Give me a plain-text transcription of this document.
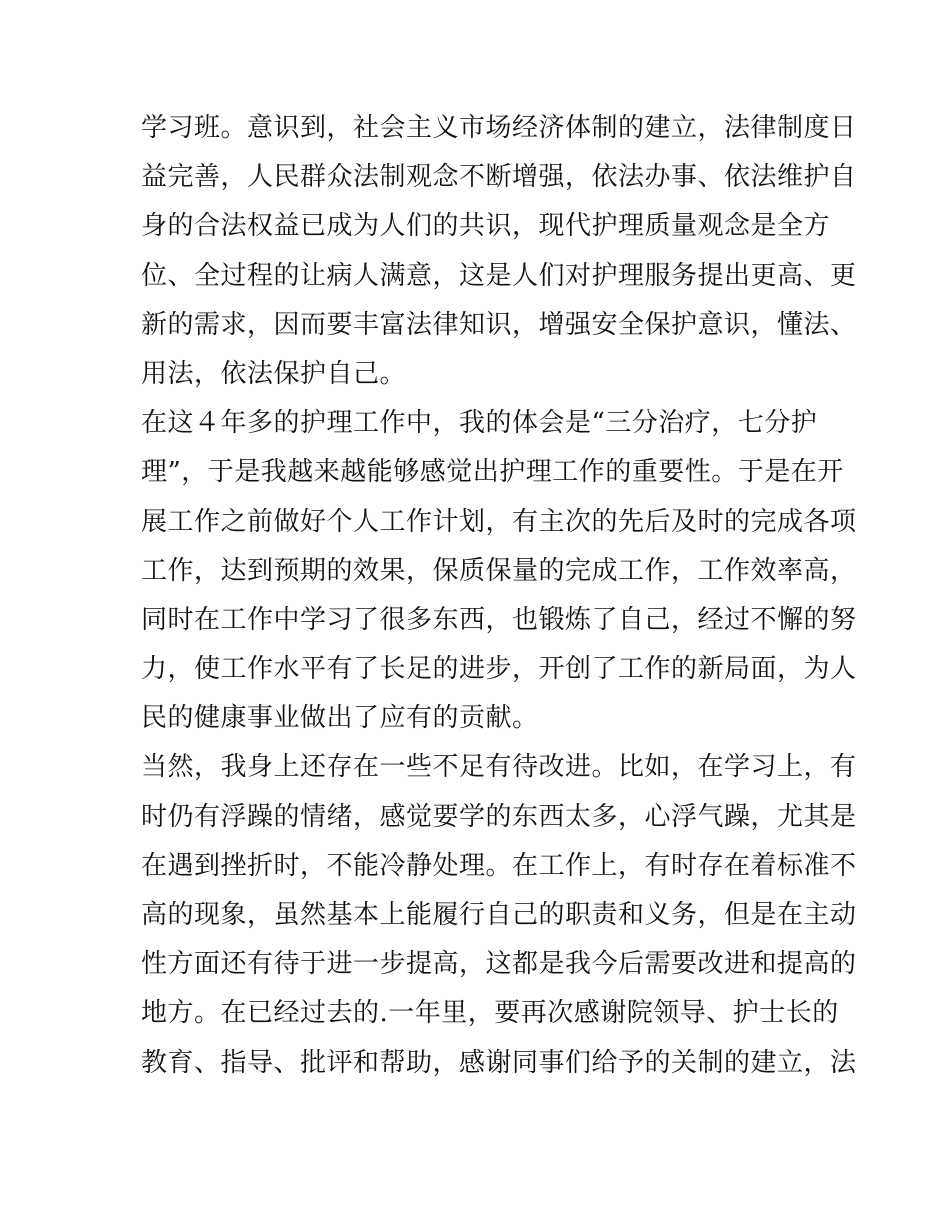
学习班。意识到，社会主义市场经济体制的建立，法律制度日
益完善，人民群众法制观念不断增强，依法办事、依法维护自
身的合法权益已成为人们的共识，现代护理质量观念是全方
位、全过程的让病人满意，这是人们对护理服务提出更高、更
新的需求，因而要丰富法律知识，增强安全保护意识，懂法、
用法，依法保护自己。
在这４年多的护理工作中，我的体会是“三分治疗，七分护
理”，于是我越来越能够感觉出护理工作的重要性。于是在开
展工作之前做好个人工作计划，有主次的先后及时的完成各项
工作，达到预期的效果，保质保量的完成工作，工作效率高，
同时在工作中学习了很多东西，也锻炼了自己，经过不懈的努
力，使工作水平有了长足的进步，开创了工作的新局面，为人
民的健康事业做出了应有的贡献。
当然，我身上还存在一些不足有待改进。比如，在学习上，有
时仍有浮躁的情绪，感觉要学的东西太多，心浮气躁，尤其是
在遇到挫折时，不能冷静处理。在工作上，有时存在着标准不
高的现象，虽然基本上能履行自己的职责和义务，但是在主动
性方面还有待于进一步提高，这都是我今后需要改进和提高的
地方。在已经过去的.一年里，要再次感谢院领导、护士长的
教育、指导、批评和帮助，感谢同事们给予的关制的建立，法
